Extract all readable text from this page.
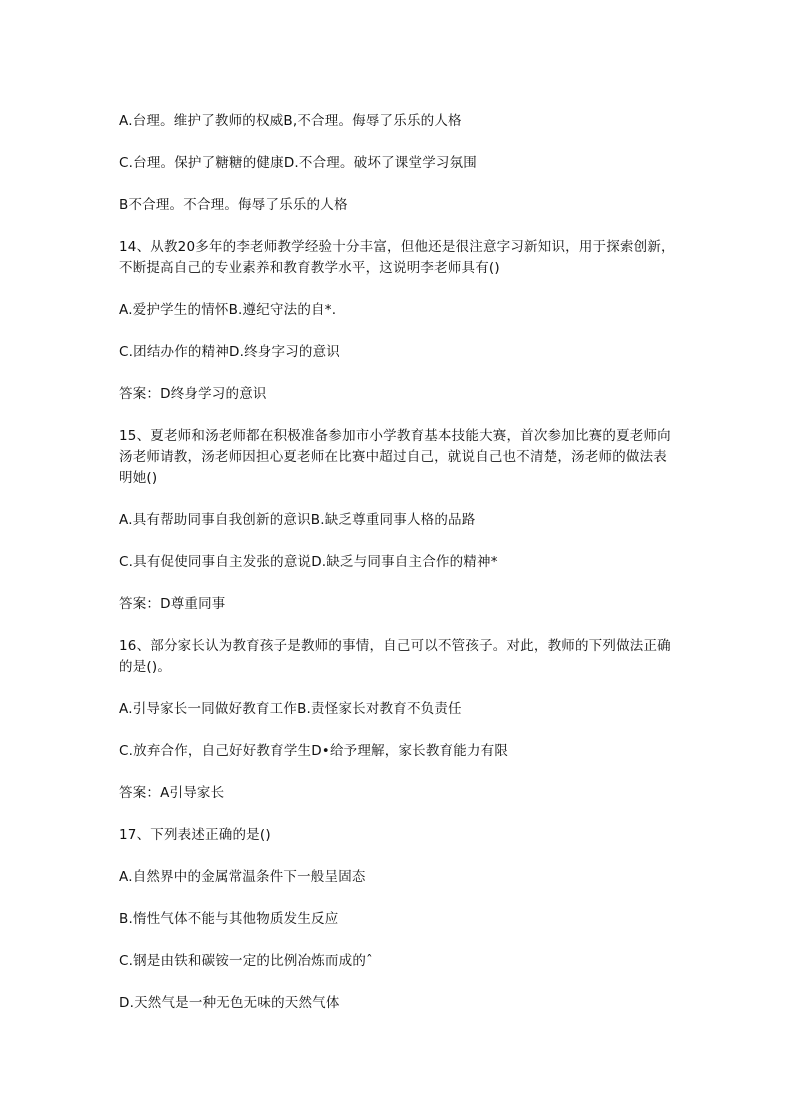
A.台理。维护了教师的权威B,不合理。侮辱了乐乐的人格

C.台理。保护了糖糖的健康D.不合理。破坏了课堂学习氛围

B不合理。不合理。侮辱了乐乐的人格

14、从教20多年的李老师教学经验十分丰富，但他还是很注意字习新知识，用于探索创新，不断提高自己的专业素养和教育教学水平，这说明李老师具有()

A.爱护学生的情怀B.遵纪守法的自*.

C.团结办作的精神D.终身字习的意识

答案：D终身学习的意识

15、夏老师和汤老师都在积极准备参加市小学教育基本技能大赛，首次参加比赛的夏老师向汤老师请教，汤老师因担心夏老师在比赛中超过自己，就说自己也不清楚，汤老师的做法表明她()

A.具有帮助同事自我创新的意识B.缺乏尊重同事人格的品路

C.具有促使同事自主发张的意说D.缺乏与同事自主合作的精神*

答案：D尊重同事

16、部分家长认为教育孩子是教师的事情，自己可以不管孩子。对此，教师的下列做法正确的是()。

A.引导家长一同做好教育工作B.责怪家长对教育不负责任

C.放弃合作，自己好好教育学生D•给予理解，家长教育能力有限

答案：A引导家长

17、下列表述正确的是()

A.自然界中的金属常温条件下一般呈固态

B.惰性气体不能与其他物质发生反应

C.钢是由铁和碳铵一定的比例冶炼而成的ˆ

D.天然气是一种无色无味的天然气体
